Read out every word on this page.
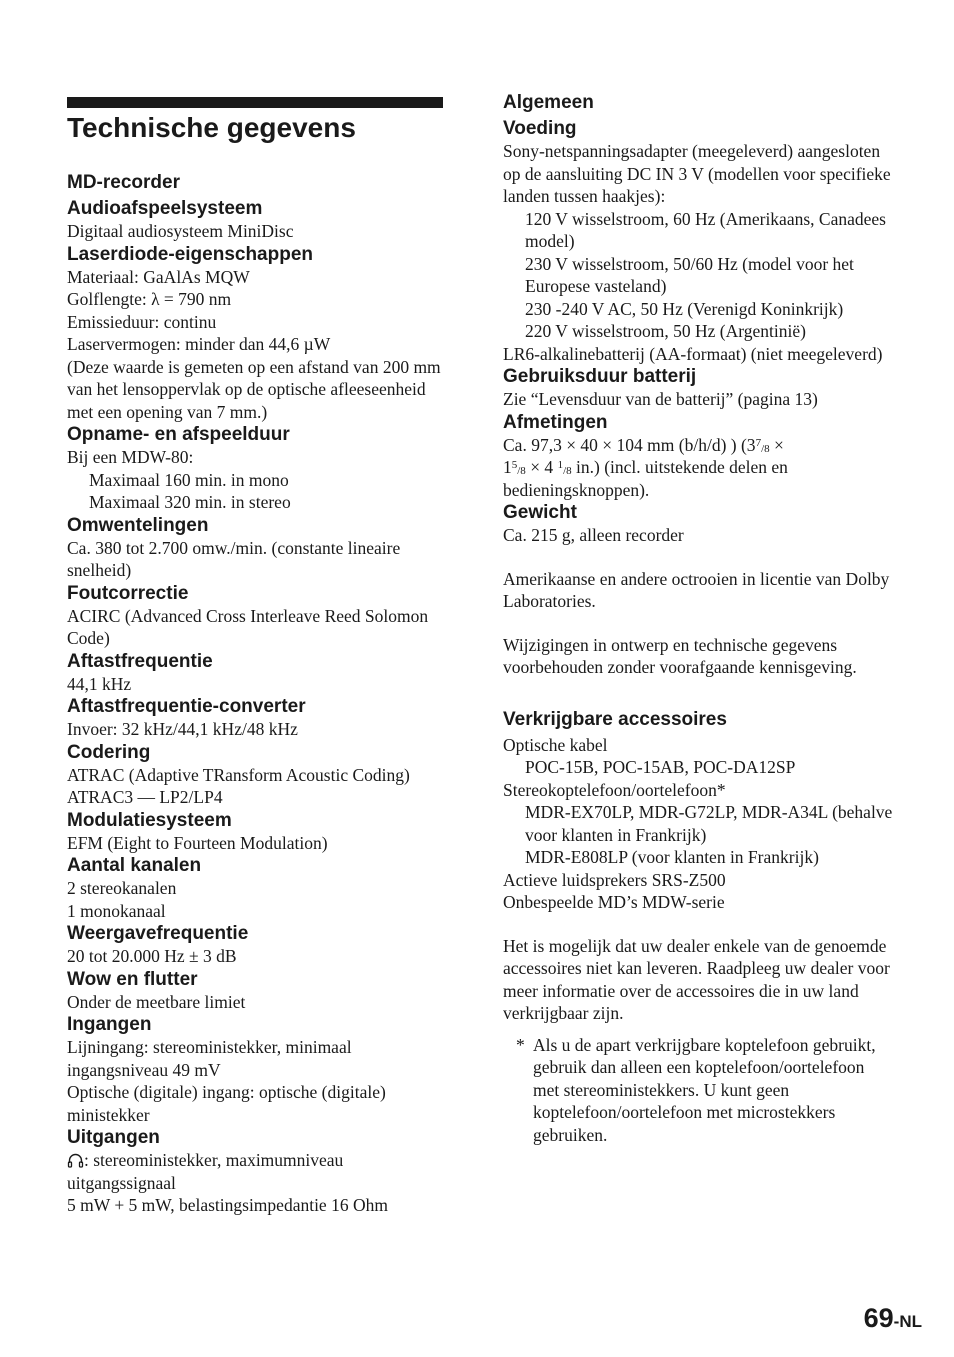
Technische gegevens
MD-recorder
Audioafspeelsysteem

Digitaal audiosysteem MiniDisc

Laserdiode-eigenschappen

Materiaal: GaAlAs MQW

Golflengte: λ = 790 nm

Emissieduur: continu

Laservermogen: minder dan 44,6 µW

(Deze waarde is gemeten op een afstand van 200 mm van het lensoppervlak op de optische afleeseenheid met een opening van 7 mm.)

Opname- en afspeelduur

Bij een MDW-80:

Maximaal 160 min. in mono

Maximaal 320 min. in stereo

Omwentelingen

Ca. 380 tot 2.700 omw./min. (constante lineaire snelheid)

Foutcorrectie

ACIRC (Advanced Cross Interleave Reed Solomon Code)

Aftastfrequentie

44,1 kHz

Aftastfrequentie-converter

Invoer: 32 kHz/44,1 kHz/48 kHz

Codering

ATRAC (Adaptive TRansform Acoustic Coding)

ATRAC3 — LP2/LP4

Modulatiesysteem

EFM (Eight to Fourteen Modulation)

Aantal kanalen

2 stereokanalen

1 monokanaal

Weergavefrequentie

20 tot 20.000 Hz ± 3 dB

Wow en flutter

Onder de meetbare limiet

Ingangen

Lijningang: stereoministekker, minimaal ingangsniveau 49 mV

Optische (digitale) ingang: optische (digitale) ministekker

Uitgangen

: stereoministekker, maximumniveau uitgangssignaal

5 mW + 5 mW, belastingsimpedantie 16 Ohm

Algemeen
Voeding

Sony-netspanningsadapter (meegeleverd) aangesloten op de aansluiting DC IN 3 V (modellen voor specifieke landen tussen haakjes):

120 V wisselstroom, 60 Hz (Amerikaans, Canadees model)

230 V wisselstroom, 50/60 Hz (model voor het Europese vasteland)

230 -240 V AC, 50 Hz (Verenigd Koninkrijk)

220 V wisselstroom, 50 Hz (Argentinië)

LR6-alkalinebatterij (AA-formaat) (niet meegeleverd)

Gebruiksduur batterij

Zie “Levensduur van de batterij” (pagina 13)

Afmetingen

Ca. 97,3 × 40 × 104 mm (b/h/d) ) ($3^7_{/8}$ ×
$1^5_{/8} \times 4$ $^1_{/8}$ in.) (incl. uitstekende delen en bedieningsknoppen).

Gewicht

Ca. 215 g, alleen recorder

Amerikaanse en andere octrooien in licentie van Dolby Laboratories.

Wijzigingen in ontwerp en technische gegevens voorbehouden zonder voorafgaande kennisgeving.

Verkrijgbare accessoires

Optische kabel

POC-15B, POC-15AB, POC-DA12SP

Stereokoptelefoon/oortelefoon*

MDR-EX70LP, MDR-G72LP, MDR-A34L (behalve voor klanten in Frankrijk)

MDR-E808LP (voor klanten in Frankrijk)

Actieve luidsprekers SRS-Z500

Onbespeelde MD’s MDW-serie

Het is mogelijk dat uw dealer enkele van de genoemde accessoires niet kan leveren. Raadpleeg uw dealer voor meer informatie over de accessoires die in uw land verkrijgbaar zijn.

* Als u de apart verkrijgbare koptelefoon gebruikt, gebruik dan alleen een koptelefoon/oortelefoon met stereoministekkers. U kunt geen koptelefoon/oortelefoon met microstekkers gebruiken.

69-NL
